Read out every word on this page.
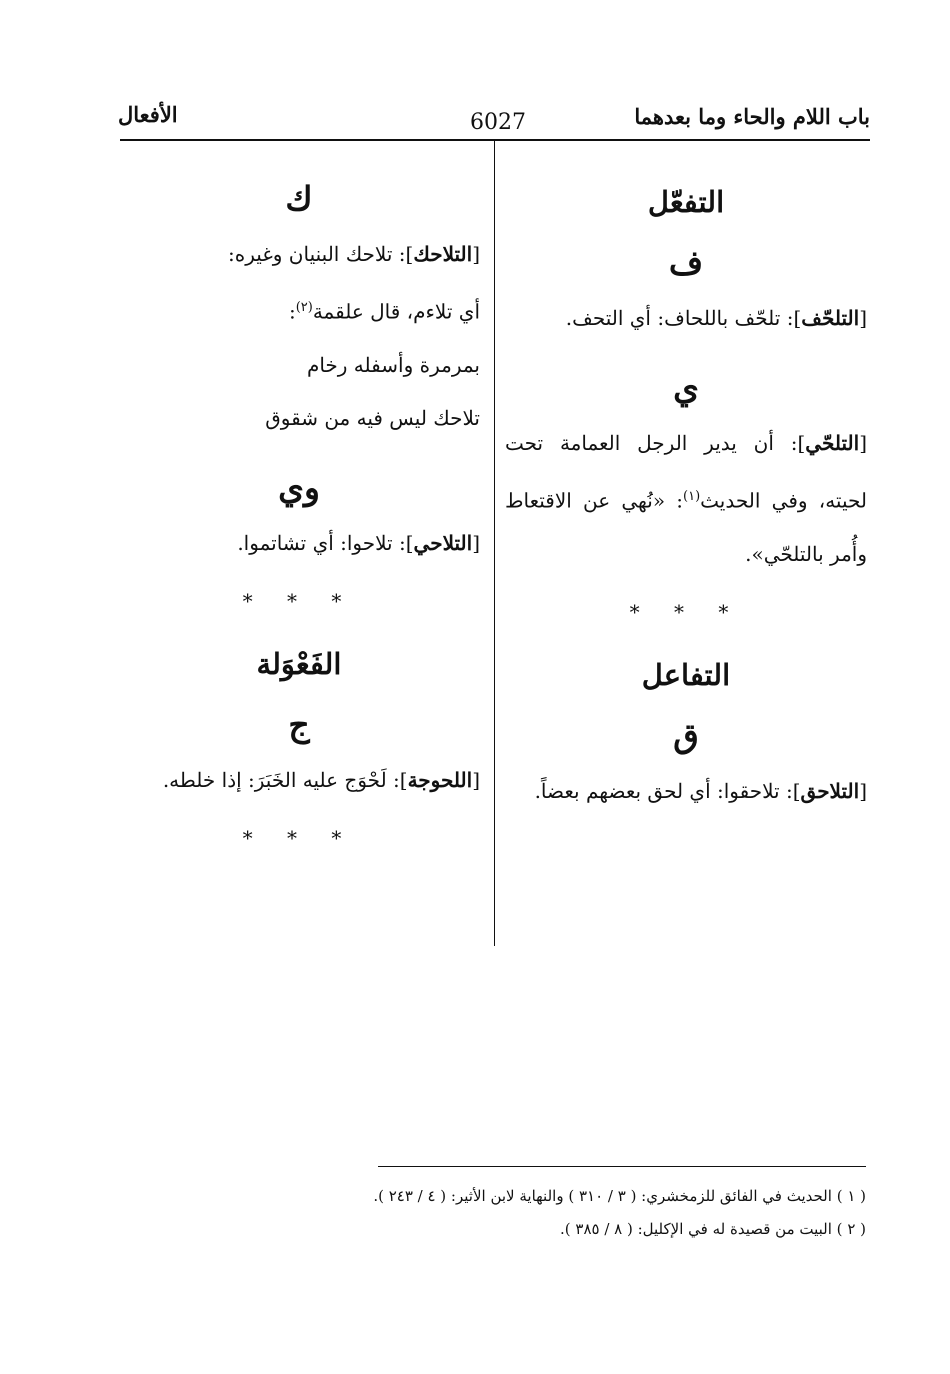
باب اللام والحاء وما بعدهما
6027
الأفعال
التفعّل
ف

[التلحّف]: تلحّف باللحاف: أي التحف.

ي

[التلحّي]: أن يدير الرجل العمامة تحت لحيته، وفي الحديث$^{(١)}$: «نُهي عن الاقتعاط وأُمر بالتلحّي».

* * *
التفاعل
ق

[التلاحق]: تلاحقوا: أي لحق بعضهم بعضاً.

ك

[التلاحك]: تلاحك البنيان وغيره:

أي تلاءم، قال علقمة$^{(٢)}$:

بمرمرة وأسفله رخام
تلاحك ليس فيه من شقوق
وي

[التلاحي]: تلاحوا: أي تشاتموا.

* * *
الفَعْوَلة
ج

[اللحوجة]: لَحْوَج عليه الخَبَرَ: إذا خلطه.

* * *

( ١ ) الحديث في الفائق للزمخشري: ( ٣ / ٣١٠ ) والنهاية لابن الأثير: ( ٤ / ٢٤٣ ).

( ٢ ) البيت من قصيدة له في الإكليل: ( ٨ / ٣٨٥ ).
